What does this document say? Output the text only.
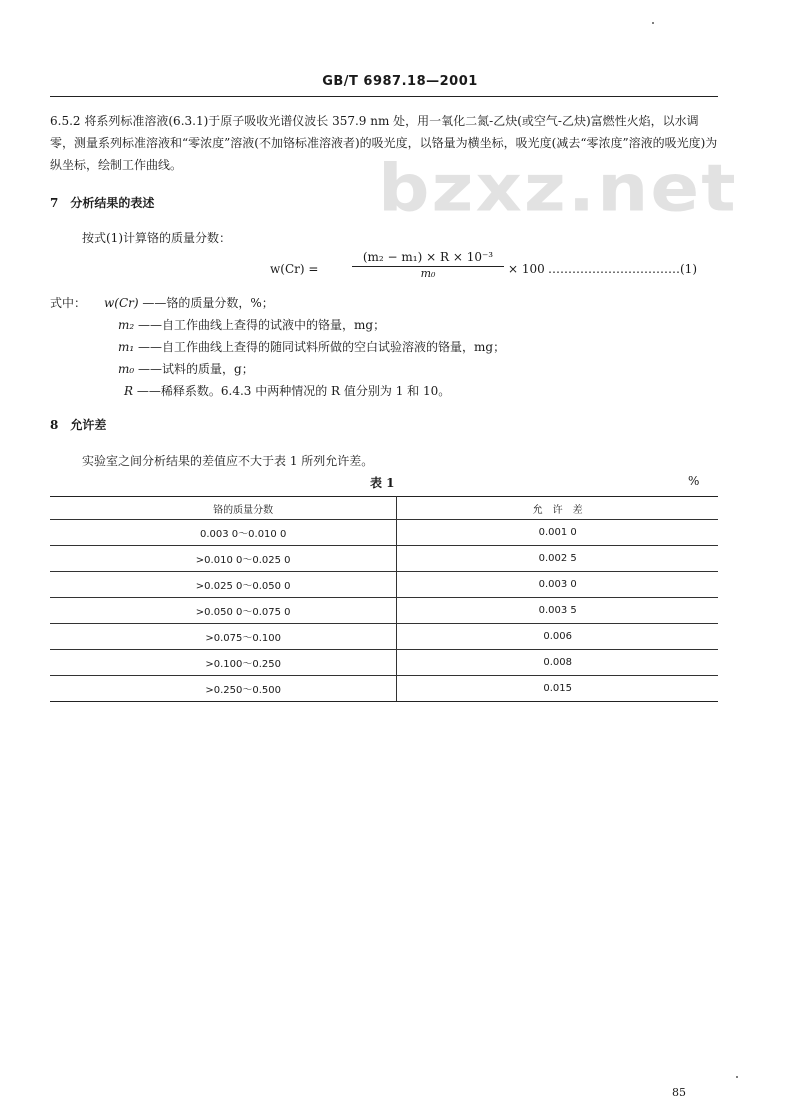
GB/T 6987.18—2001
bzxz.net
6.5.2 将系列标准溶液(6.3.1)于原子吸收光谱仪波长 357.9 nm 处，用一氧化二氮-乙炔(或空气-乙炔)富燃性火焰，以水调零，测量系列标准溶液和“零浓度”溶液(不加铬标准溶液者)的吸光度，以铬量为横坐标，吸光度(减去“零浓度”溶液的吸光度)为纵坐标，绘制工作曲线。
7　分析结果的表述
按式(1)计算铬的质量分数：
w(Cr) =	$\frac{\text{(m₂ − m₁) × R × 10⁻³}}{\text{m₀}} \times 100$ ……………………………(1)
式中： w(Cr) ——铬的质量分数，%；
m₂ ——自工作曲线上查得的试液中的铬量，mg；
m₁ ——自工作曲线上查得的随同试料所做的空白试验溶液的铬量，mg；
m₀ ——试料的质量，g；
R ——稀释系数。6.4.3 中两种情况的 R 值分别为 1 和 10。
8　允许差
实验室之间分析结果的差值应不大于表 1 所列允许差。
表 1	%
铬的质量分数	允　许　差
0.003 0～0.010 0	0.001 0
>0.010 0～0.025 0	0.002 5
>0.025 0～0.050 0	0.003 0
>0.050 0～0.075 0	0.003 5
>0.075～0.100	0.006
>0.100～0.250	0.008
>0.250～0.500	0.015
85
